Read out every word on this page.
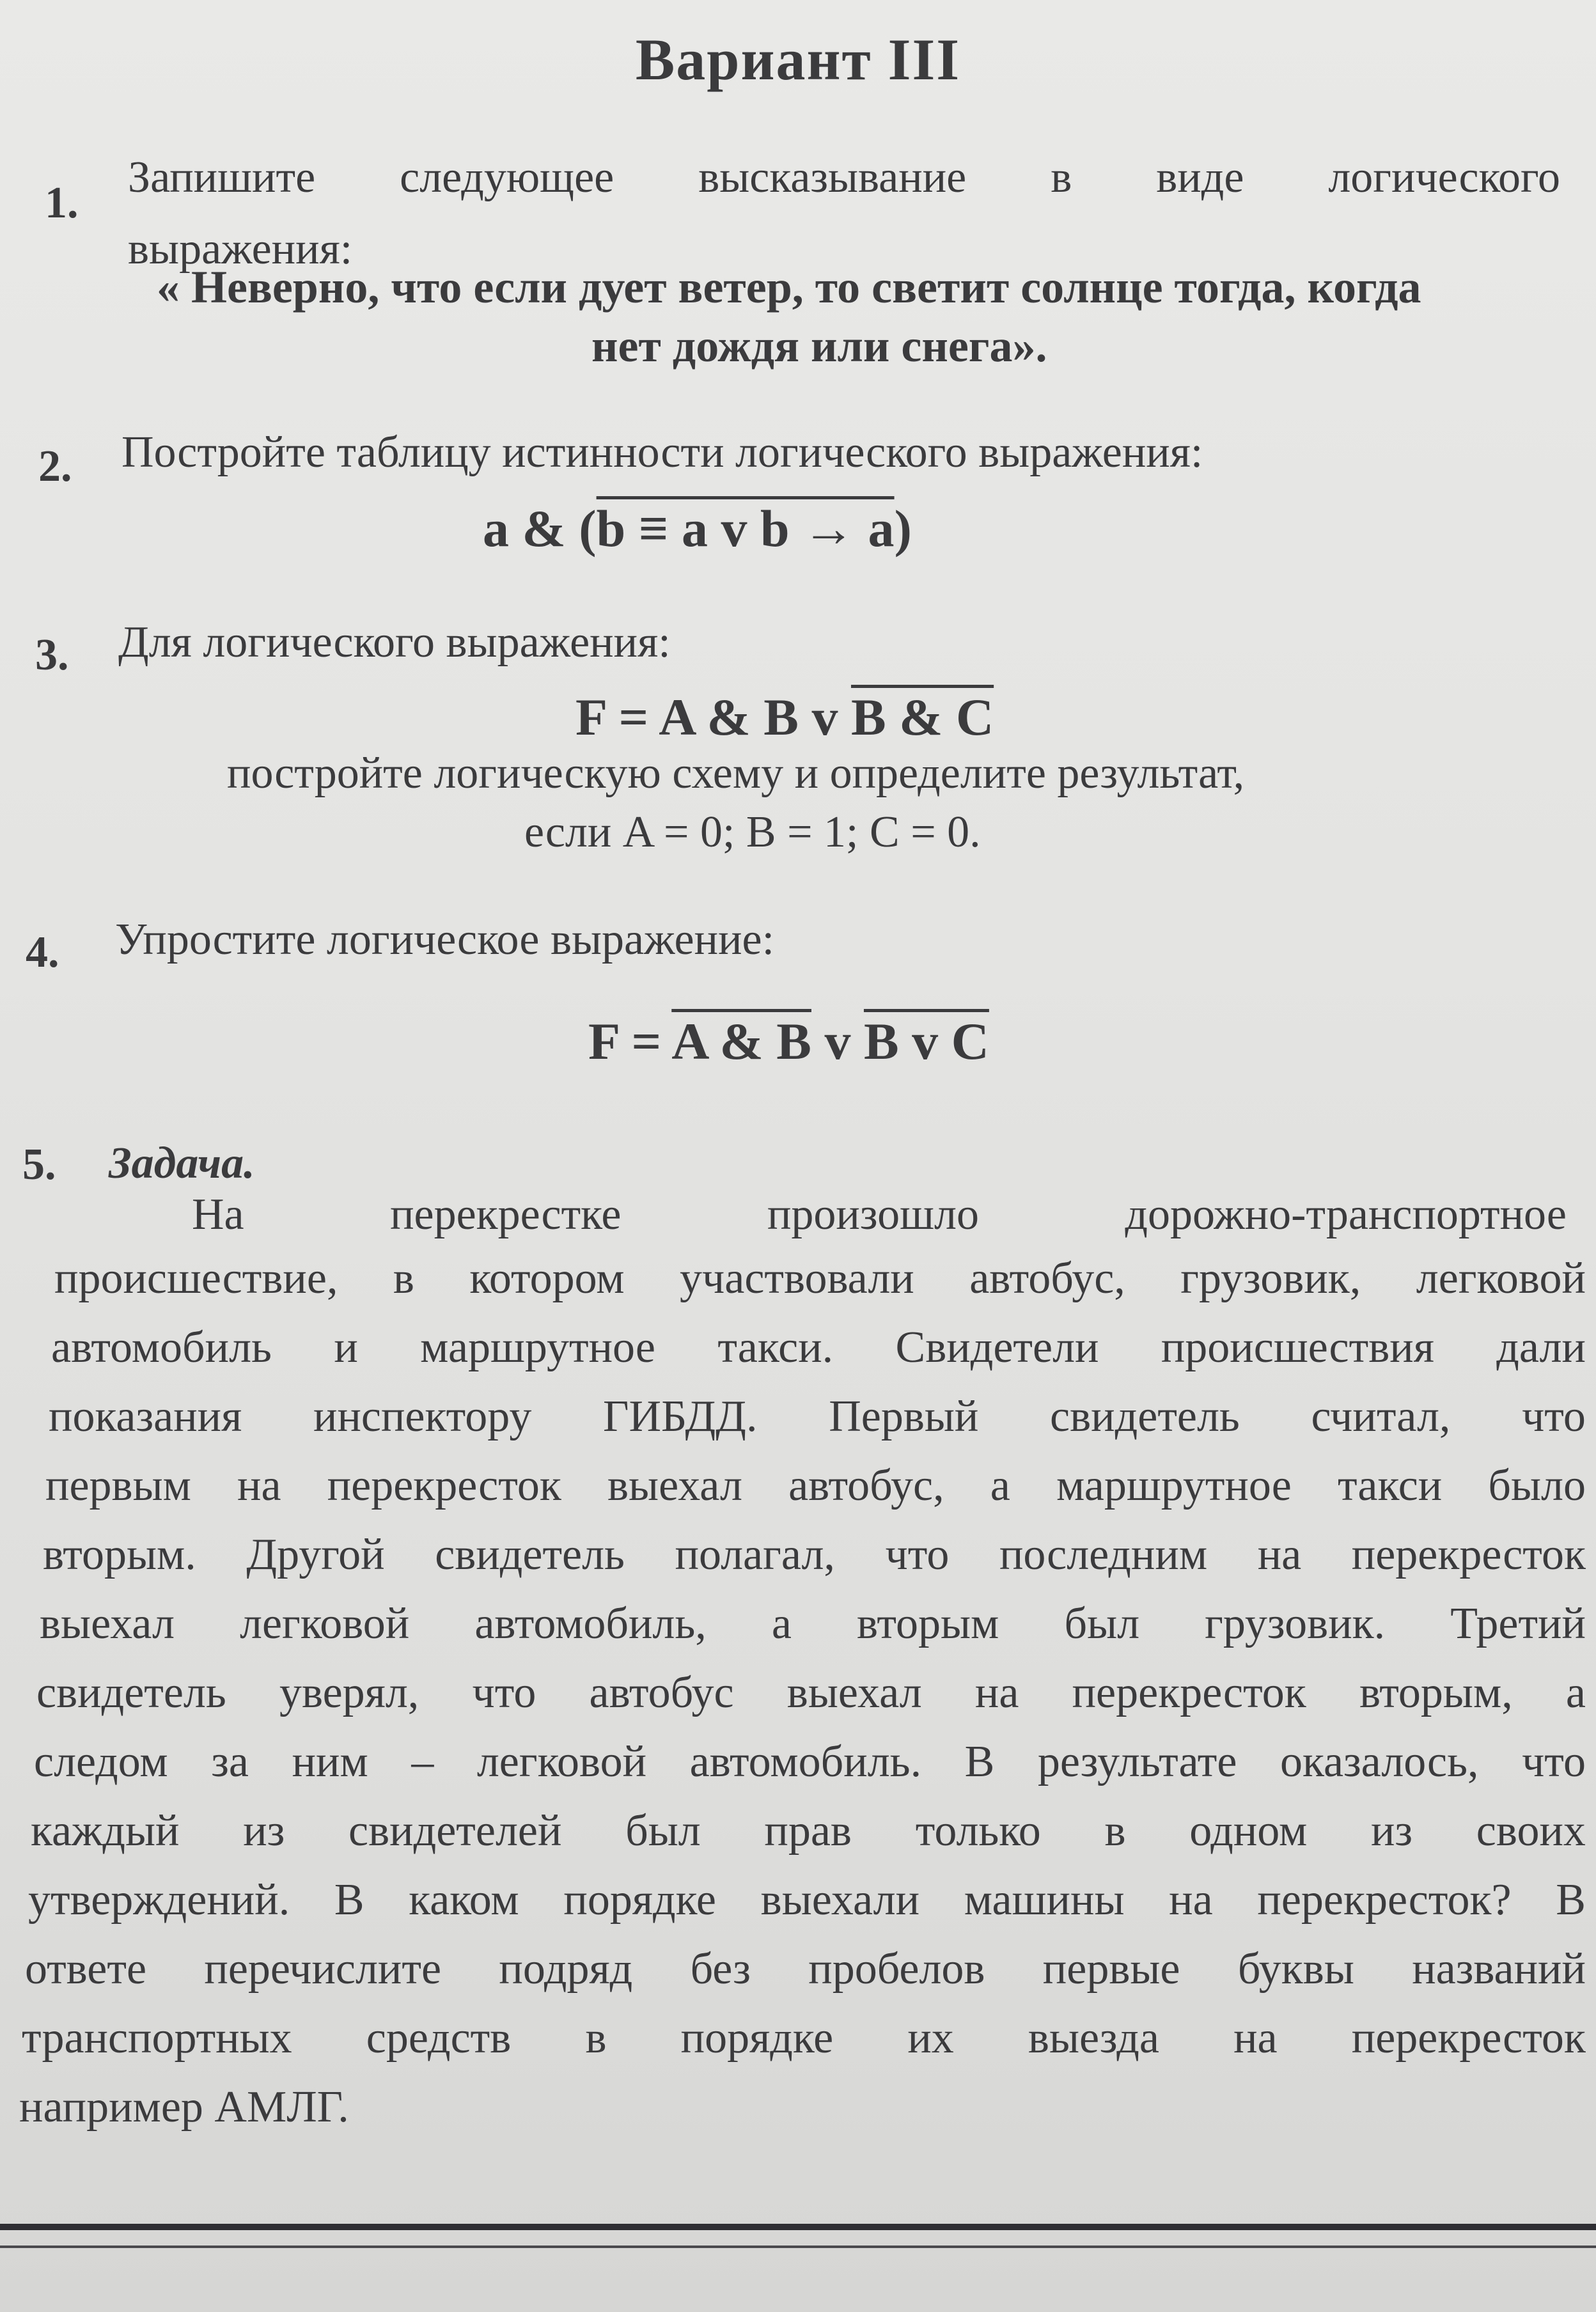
Вариант III
1.
Запишите следующее высказывание в виде логического
выражения:
« Неверно, что если дует ветер, то светит солнце тогда, когда
нет дождя или снега».
2. Постройте таблицу истинности логического выражения:
a & (b ≡ a v b → a)
3. Для логического выражения:
F = A & B v B & C
постройте логическую схему и определите результат,
если A = 0; B = 1; C = 0.
4. Упростите логическое выражение:
F = A & B v B v C
5. Задача.
На	перекрестке	произошло	дорожно-транспортное
происшествие, в котором участвовали автобус, грузовик, легковой
автомобиль и маршрутное такси. Свидетели происшествия дали
показания инспектору ГИБДД. Первый свидетель считал, что
первым на перекресток выехал автобус, а маршрутное такси было
вторым. Другой свидетель полагал, что последним на перекресток
выехал легковой автомобиль, а вторым был грузовик. Третий
свидетель уверял, что автобус выехал на перекресток вторым, а
следом за ним – легковой автомобиль. В результате оказалось, что
каждый из свидетелей был прав только в одном из своих
утверждений. В каком порядке выехали машины на перекресток? В
ответе перечислите подряд без пробелов первые буквы названий
транспортных средств в порядке их выезда на перекресток
например АМЛГ.
